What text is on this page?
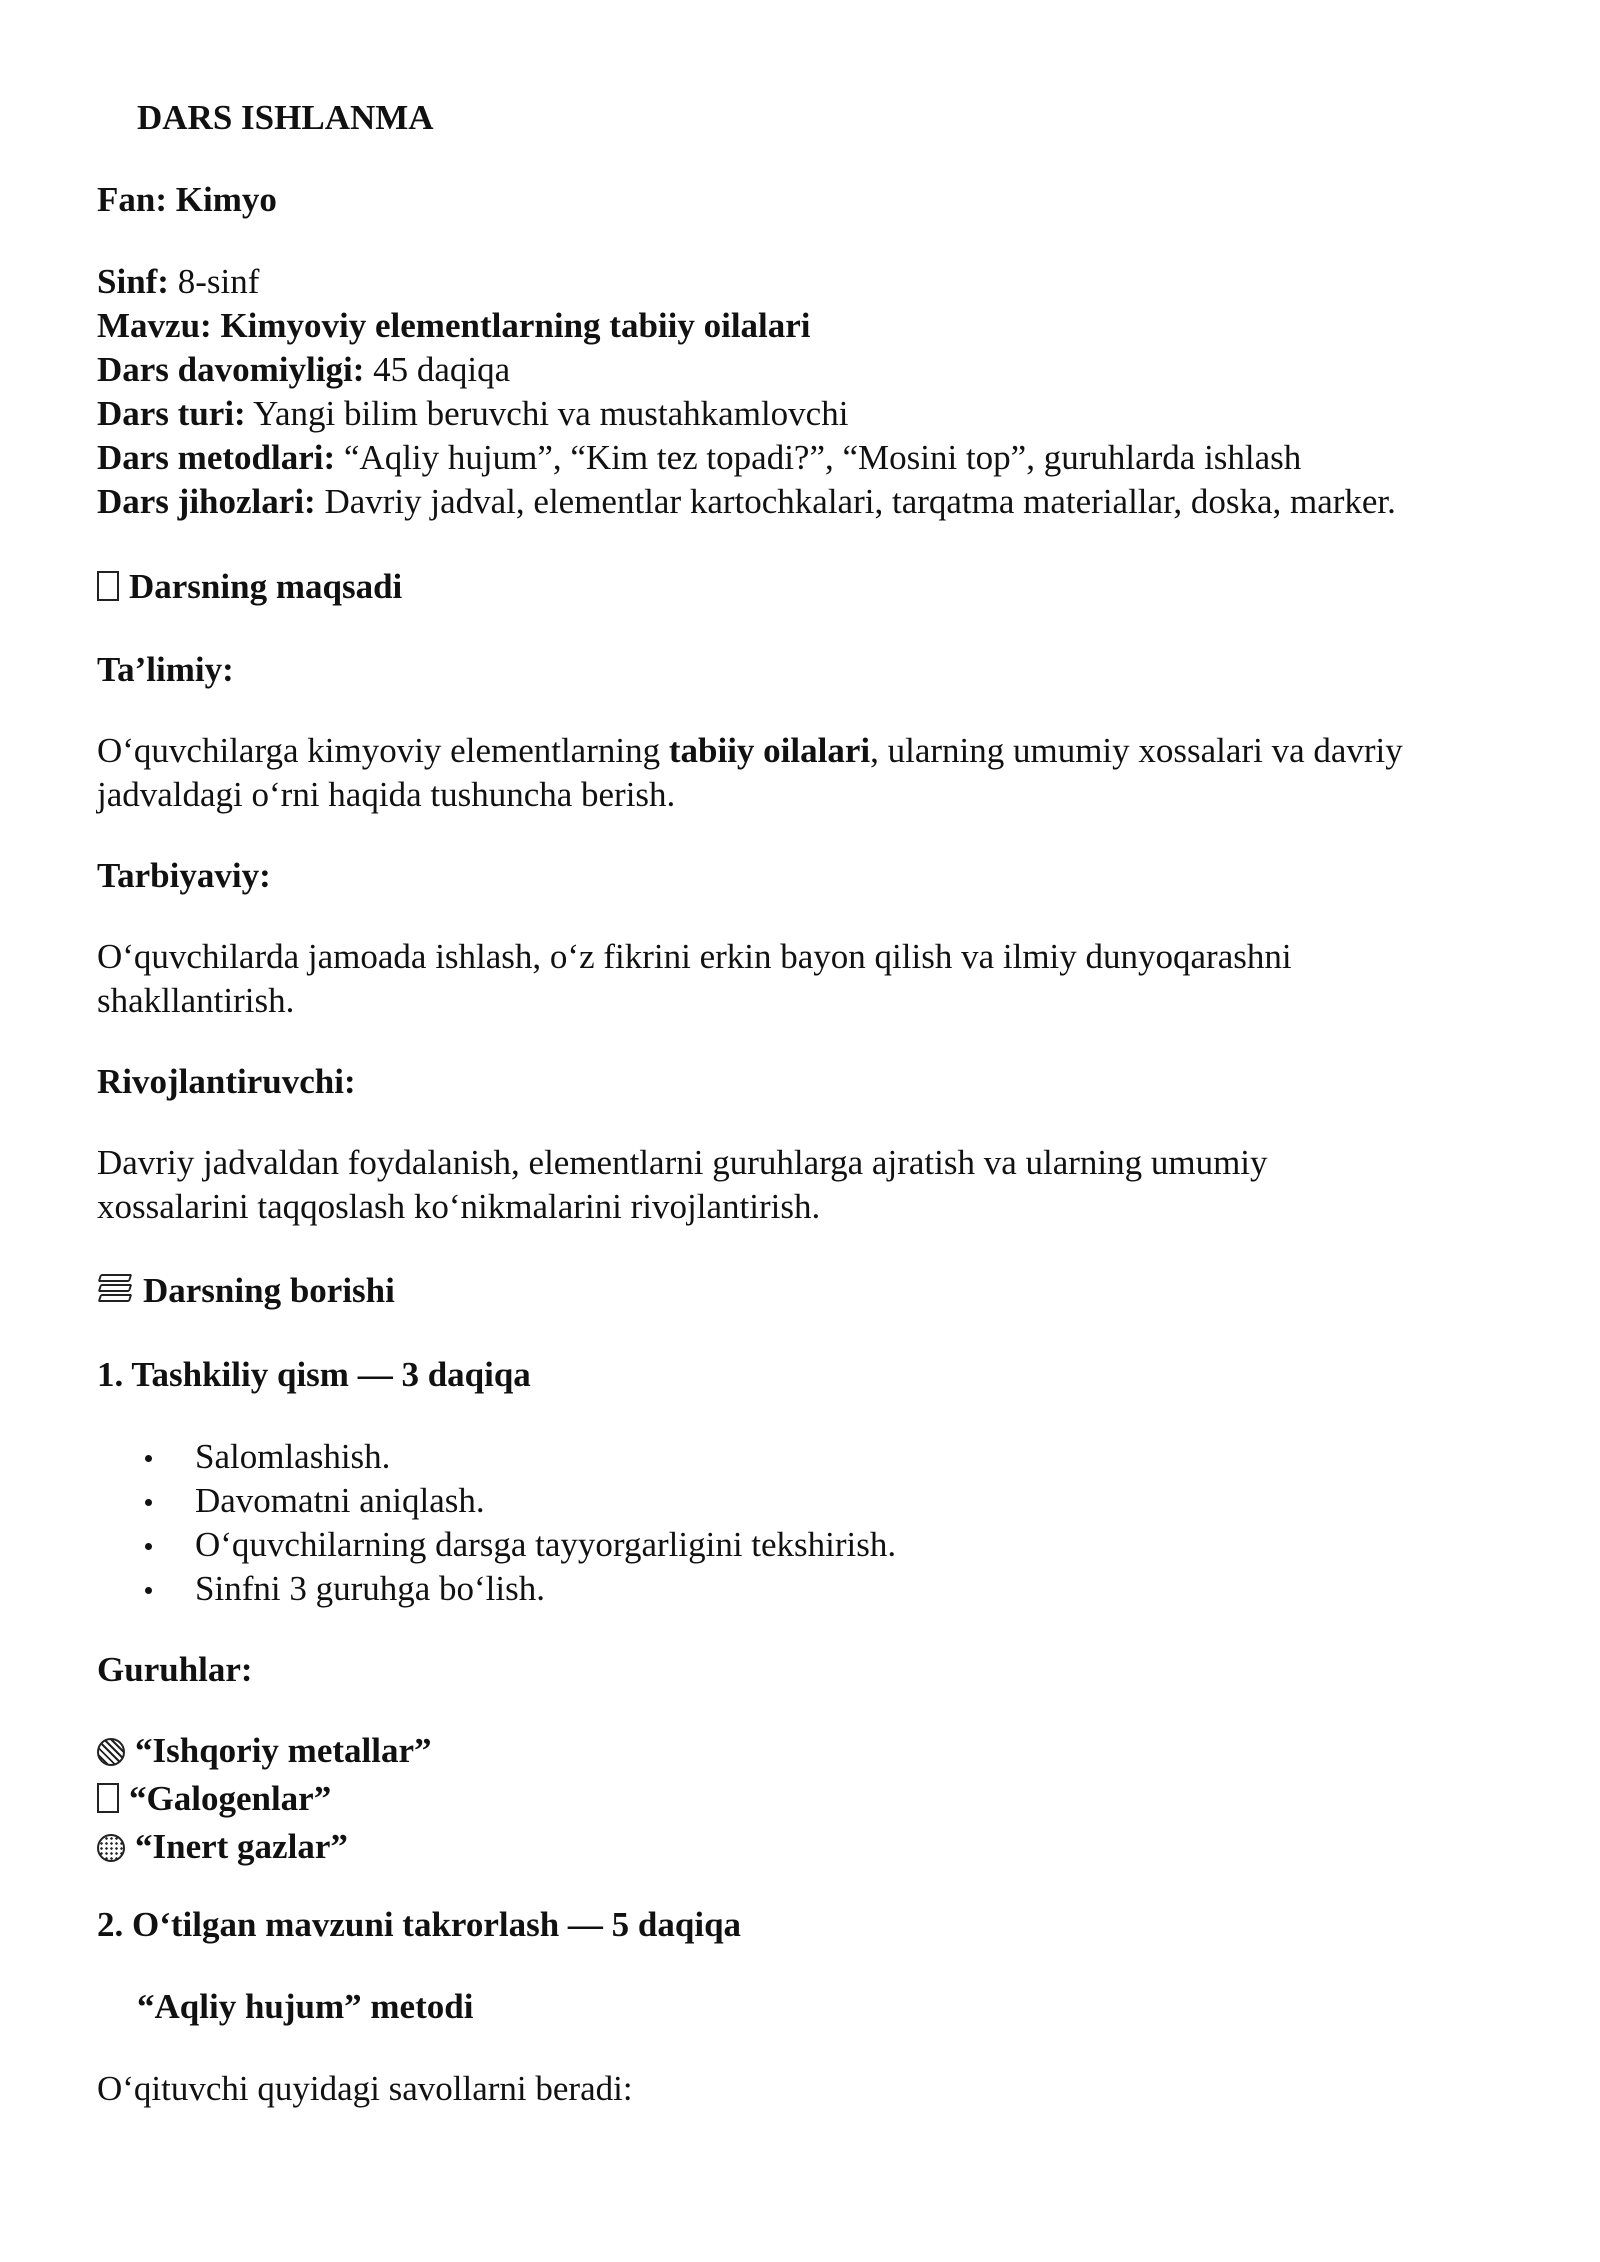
DARS ISHLANMA
Fan: Kimyo
Sinf: 8-sinf
Mavzu: Kimyoviy elementlarning tabiiy oilalari
Dars davomiyligi: 45 daqiqa
Dars turi: Yangi bilim beruvchi va mustahkamlovchi
Dars metodlari: “Aqliy hujum”, “Kim tez topadi?”, “Mosini top”, guruhlarda ishlash
Dars jihozlari: Davriy jadval, elementlar kartochkalari, tarqatma materiallar, doska, marker.
Darsning maqsadi
Ta’limiy:
O‘quvchilarga kimyoviy elementlarning tabiiy oilalari, ularning umumiy xossalari va davriy
jadvaldagi o‘rni haqida tushuncha berish.
Tarbiyaviy:
O‘quvchilarda jamoada ishlash, o‘z fikrini erkin bayon qilish va ilmiy dunyoqarashni
shakllantirish.
Rivojlantiruvchi:
Davriy jadvaldan foydalanish, elementlarni guruhlarga ajratish va ularning umumiy
xossalarini taqqoslash ko‘nikmalarini rivojlantirish.
Darsning borishi
1. Tashkiliy qism — 3 daqiqa
Salomlashish.
Davomatni aniqlash.
O‘quvchilarning darsga tayyorgarligini tekshirish.
Sinfni 3 guruhga bo‘lish.
Guruhlar:
“Ishqoriy metallar”
“Galogenlar”
“Inert gazlar”
2. O‘tilgan mavzuni takrorlash — 5 daqiqa
“Aqliy hujum” metodi
O‘qituvchi quyidagi savollarni beradi:
